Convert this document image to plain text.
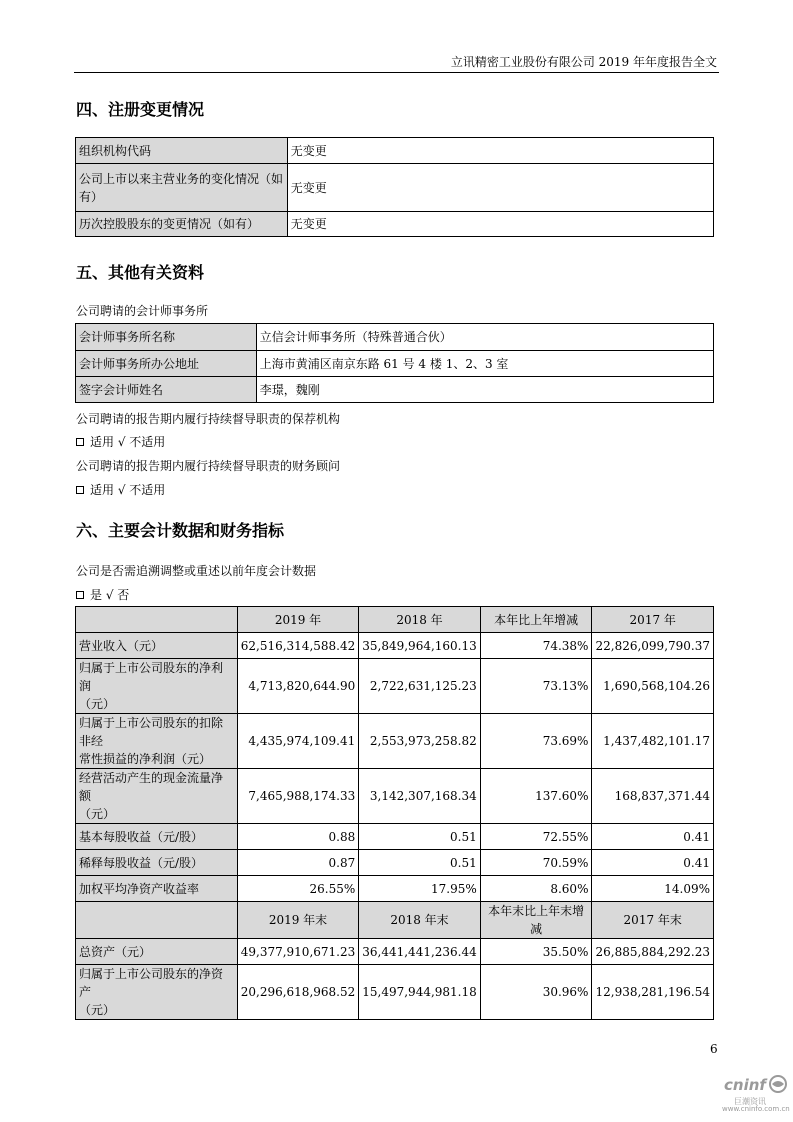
立讯精密工业股份有限公司 2019 年年度报告全文
四、注册变更情况
组织机构代码	无变更
公司上市以来主营业务的变化情况（如
有）	无变更
历次控股股东的变更情况（如有）	无变更
五、其他有关资料
公司聘请的会计师事务所
会计师事务所名称	立信会计师事务所（特殊普通合伙）
会计师事务所办公地址	上海市黄浦区南京东路 61 号 4 楼 1、2、3 室
签字会计师姓名	李璟，魏刚
公司聘请的报告期内履行持续督导职责的保荐机构
适用 √ 不适用
公司聘请的报告期内履行持续督导职责的财务顾问
适用 √ 不适用
六、主要会计数据和财务指标
公司是否需追溯调整或重述以前年度会计数据
是 √ 否
	2019 年	2018 年	本年比上年增减	2017 年
营业收入（元）	62,516,314,588.42	35,849,964,160.13	74.38%	22,826,099,790.37
归属于上市公司股东的净利润
（元）	4,713,820,644.90	2,722,631,125.23	73.13%	1,690,568,104.26
归属于上市公司股东的扣除非经
常性损益的净利润（元）	4,435,974,109.41	2,553,973,258.82	73.69%	1,437,482,101.17
经营活动产生的现金流量净额
（元）	7,465,988,174.33	3,142,307,168.34	137.60%	168,837,371.44
基本每股收益（元/股）	0.88	0.51	72.55%	0.41
稀释每股收益（元/股）	0.87	0.51	70.59%	0.41
加权平均净资产收益率	26.55%	17.95%	8.60%	14.09%
	2019 年末	2018 年末	本年末比上年末增减	2017 年末
总资产（元）	49,377,910,671.23	36,441,441,236.44	35.50%	26,885,884,292.23
归属于上市公司股东的净资产
（元）	20,296,618,968.52	15,497,944,981.18	30.96%	12,938,281,196.54
6
cninf
巨潮资讯
www.cninfo.com.cn
